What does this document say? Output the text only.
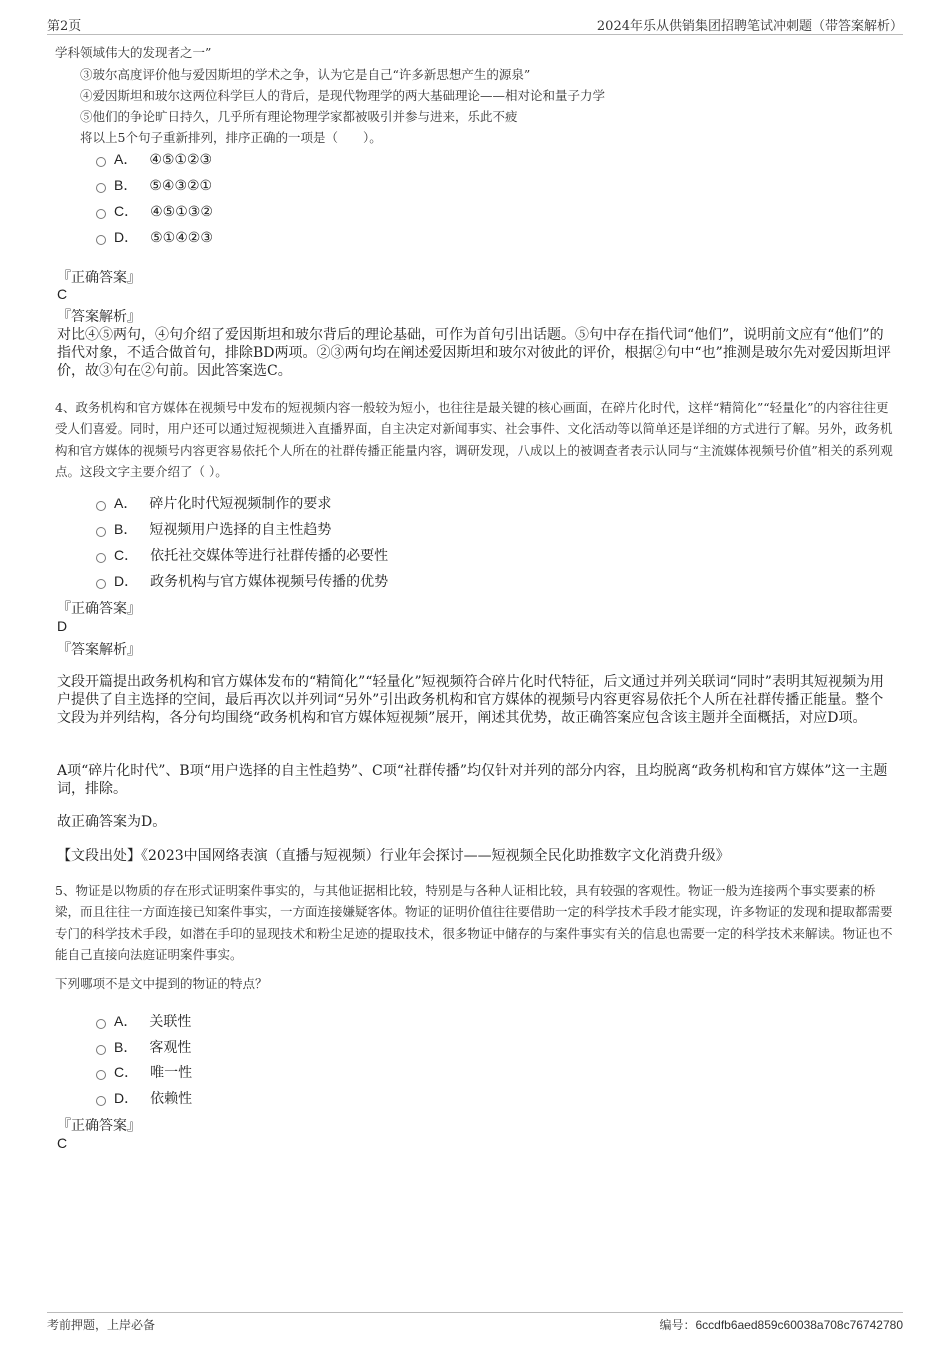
第2页	2024年乐从供销集团招聘笔试冲刺题（带答案解析）
学科领域伟大的发现者之一”
③玻尔高度评价他与爱因斯坦的学术之争，认为它是自己“许多新思想产生的源泉”
④爱因斯坦和玻尔这两位科学巨人的背后，是现代物理学的两大基础理论——相对论和量子力学
⑤他们的争论旷日持久，几乎所有理论物理学家都被吸引并参与进来，乐此不疲
将以上5个句子重新排列，排序正确的一项是（　　）。
A． ④⑤①②③
B． ⑤④③②①
C． ④⑤①③②
D． ⑤①④②③
『正确答案』
C
『答案解析』
对比④⑤两句，④句介绍了爱因斯坦和玻尔背后的理论基础，可作为首句引出话题。⑤句中存在指代词“他们”，说明前文应有“他们”的指代对象，不适合做首句，排除BD两项。②③两句均在阐述爱因斯坦和玻尔对彼此的评价，根据②句中“也”推测是玻尔先对爱因斯坦评价，故③句在②句前。因此答案选C。
4、政务机构和官方媒体在视频号中发布的短视频内容一般较为短小，也往往是最关键的核心画面，在碎片化时代，这样“精简化”“轻量化”的内容往往更受人们喜爱。同时，用户还可以通过短视频进入直播界面，自主决定对新闻事实、社会事件、文化活动等以简单还是详细的方式进行了解。另外，政务机构和官方媒体的视频号内容更容易依托个人所在的社群传播正能量内容，调研发现，八成以上的被调查者表示认同与“主流媒体视频号价值”相关的系列观点。这段文字主要介绍了（ ）。
A． 碎片化时代短视频制作的要求
B． 短视频用户选择的自主性趋势
C． 依托社交媒体等进行社群传播的必要性
D． 政务机构与官方媒体视频号传播的优势
『正确答案』
D
『答案解析』
文段开篇提出政务机构和官方媒体发布的“精简化”“轻量化”短视频符合碎片化时代特征，后文通过并列关联词“同时”表明其短视频为用户提供了自主选择的空间，最后再次以并列词“另外”引出政务机构和官方媒体的视频号内容更容易依托个人所在社群传播正能量。整个文段为并列结构，各分句均围绕“政务机构和官方媒体短视频”展开，阐述其优势，故正确答案应包含该主题并全面概括，对应D项。
A项“碎片化时代”、B项“用户选择的自主性趋势”、C项“社群传播”均仅针对并列的部分内容，且均脱离“政务机构和官方媒体”这一主题词，排除。
故正确答案为D。
【文段出处】《2023中国网络表演（直播与短视频）行业年会探讨——短视频全民化助推数字文化消费升级》
5、物证是以物质的存在形式证明案件事实的，与其他证据相比较，特别是与各种人证相比较，具有较强的客观性。物证一般为连接两个事实要素的桥梁，而且往往一方面连接已知案件事实，一方面连接嫌疑客体。物证的证明价值往往要借助一定的科学技术手段才能实现，许多物证的发现和提取都需要专门的科学技术手段，如潜在手印的显现技术和粉尘足迹的提取技术，很多物证中储存的与案件事实有关的信息也需要一定的科学技术来解读。物证也不能自己直接向法庭证明案件事实。
下列哪项不是文中提到的物证的特点？
A． 关联性
B． 客观性
C． 唯一性
D． 依赖性
『正确答案』
C
考前押题，上岸必备	编号：6ccdfb6aed859c60038a708c76742780
